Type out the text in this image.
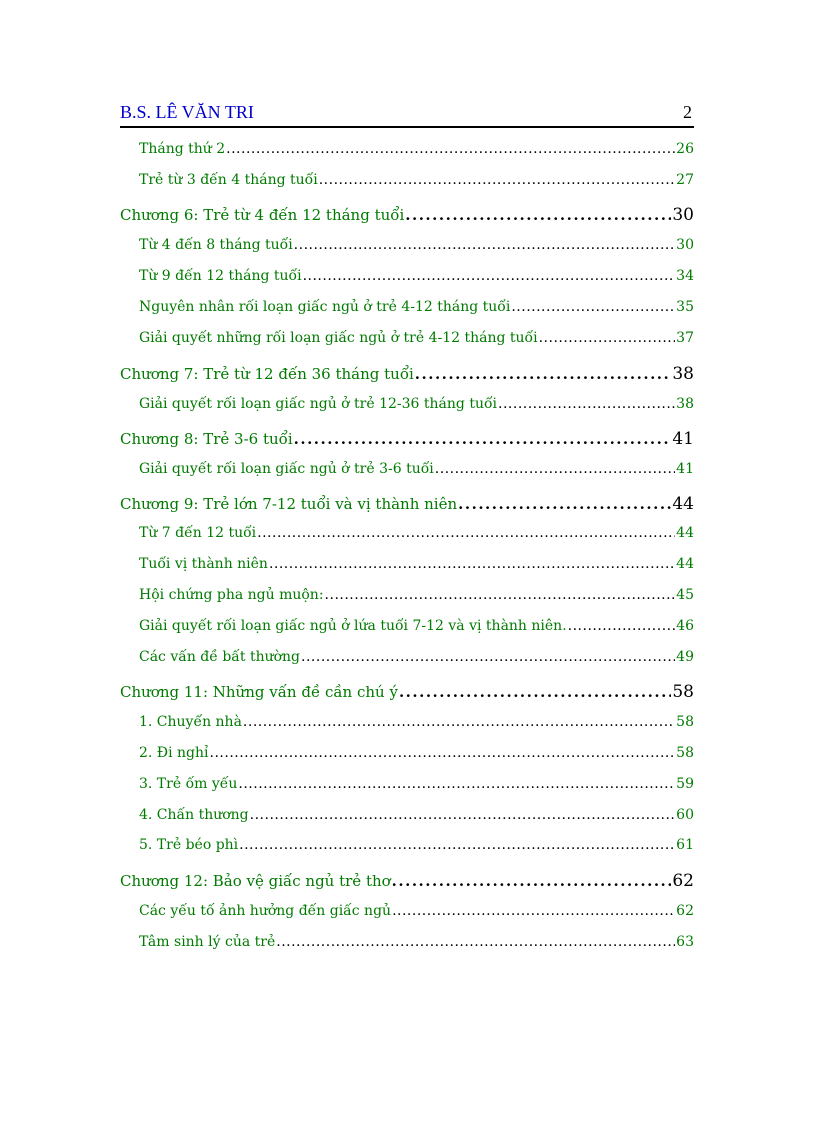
B.S. LÊ VĂN TRI	2
Tháng thứ 2 .....	26
Trẻ từ 3 đến 4 tháng tuổi .....	27
Chương 6: Trẻ từ 4 đến 12 tháng tuổi .....	30
Từ 4 đến 8 tháng tuổi .....	30
Từ 9 đến 12 tháng tuổi .....	34
Nguyên nhân rối loạn giấc ngủ ở trẻ 4-12 tháng tuổi .....	35
Giải quyết những rối loạn giấc ngủ ở trẻ 4-12 tháng tuổi .....	37
Chương 7: Trẻ từ 12 đến 36 tháng tuổi .....	38
Giải quyết rối loạn giấc ngủ ở trẻ 12-36 tháng tuổi .....	38
Chương 8: Trẻ 3-6 tuổi .....	41
Giải quyết rối loạn giấc ngủ ở trẻ 3-6 tuổi .....	41
Chương 9: Trẻ lớn 7-12 tuổi và vị thành niên .....	44
Từ 7 đến 12 tuổi .....	44
Tuổi vị thành niên .....	44
Hội chứng pha ngủ muộn: .....	45
Giải quyết rối loạn giấc ngủ ở lứa tuổi 7-12 và vị thành niên. .....	46
Các vấn đề bất thường .....	49
Chương 11: Những vấn đề cần chú ý .....	58
1. Chuyển nhà .....	58
2. Đi nghỉ .....	58
3. Trẻ ốm yếu .....	59
4. Chấn thương .....	60
5. Trẻ béo phì .....	61
Chương 12: Bảo vệ giấc ngủ trẻ thơ .....	62
Các yếu tố ảnh hưởng đến giấc ngủ .....	62
Tâm sinh lý của trẻ .....	63
